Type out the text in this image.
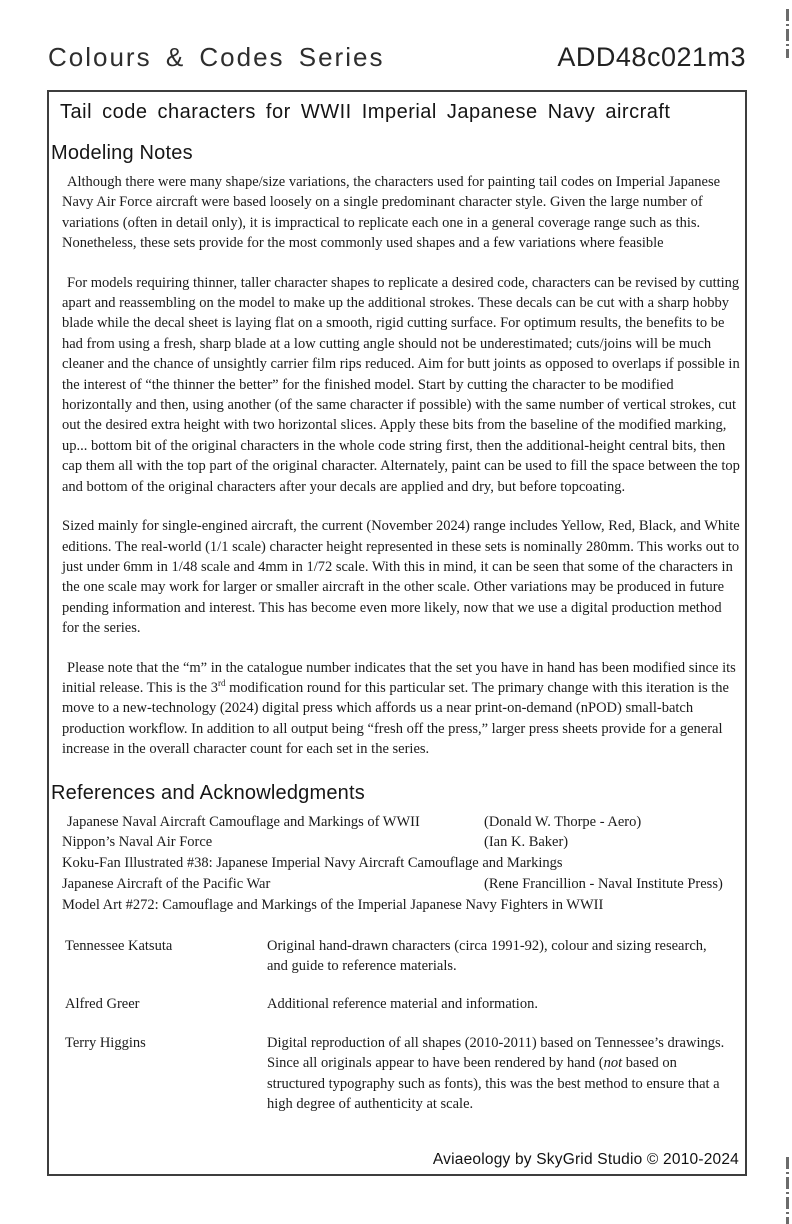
Colours & Codes Series	ADD48c021m3
Tail code characters for WWII Imperial Japanese Navy aircraft
Modeling Notes

Although there were many shape/size variations, the characters used for painting tail codes on Imperial Japanese Navy Air Force aircraft were based loosely on a single predominant character style. Given the large number of variations (often in detail only), it is impractical to replicate each one in a general coverage range such as this. Nonetheless, these sets provide for the most commonly used shapes and a few variations where feasible

For models requiring thinner, taller character shapes to replicate a desired code, characters can be revised by cutting apart and reassembling on the model to make up the additional strokes. These decals can be cut with a sharp hobby blade while the decal sheet is laying flat on a smooth, rigid cutting surface. For optimum results, the benefits to be had from using a fresh, sharp blade at a low cutting angle should not be underestimated; cuts/joins will be much cleaner and the chance of unsightly carrier film rips reduced. Aim for butt joints as opposed to overlaps if possible in the interest of “the thinner the better” for the finished model. Start by cutting the character to be modified horizontally and then, using another (of the same character if possible) with the same number of vertical strokes, cut out the desired extra height with two horizontal slices. Apply these bits from the baseline of the modified marking, up... bottom bit of the original characters in the whole code string first, then the additional-height central bits, then cap them all with the top part of the original character. Alternately, paint can be used to fill the space between the top and bottom of the original characters after your decals are applied and dry, but before topcoating.

Sized mainly for single-engined aircraft, the current (November 2024) range includes Yellow, Red, Black, and White editions. The real-world (1/1 scale) character height represented in these sets is nominally 280mm. This works out to just under 6mm in 1/48 scale and 4mm in 1/72 scale. With this in mind, it can be seen that some of the characters in the one scale may work for larger or smaller aircraft in the other scale. Other variations may be produced in future pending information and interest. This has become even more likely, now that we use a digital production method for the series.

Please note that the “m” in the catalogue number indicates that the set you have in hand has been modified since its initial release. This is the 3rd modification round for this particular set. The primary change with this iteration is the move to a new-technology (2024) digital press which affords us a near print-on-demand (nPOD) small-batch production workflow. In addition to all output being “fresh off the press,” larger press sheets provide for a general increase in the overall character count for each set in the series.

References and Acknowledgments
Japanese Naval Aircraft Camouflage and Markings of WWII	(Donald W. Thorpe - Aero)
Nippon’s Naval Air Force	(Ian K. Baker)
Koku-Fan Illustrated #38: Japanese Imperial Navy Aircraft Camouflage and Markings
Japanese Aircraft of the Pacific War	(Rene Francillion - Naval Institute Press)
Model Art #272: Camouflage and Markings of the Imperial Japanese Navy Fighters in WWII
Tennessee Katsuta	Original hand-drawn characters (circa 1991-92), colour and sizing research, and guide to reference materials.
Alfred Greer	Additional reference material and information.
Terry Higgins	Digital reproduction of all shapes (2010-2011) based on Tennessee’s drawings. Since all originals appear to have been rendered by hand (not based on structured typography such as fonts), this was the best method to ensure that a high degree of authenticity at scale.
Aviaeology by SkyGrid Studio © 2010-2024
